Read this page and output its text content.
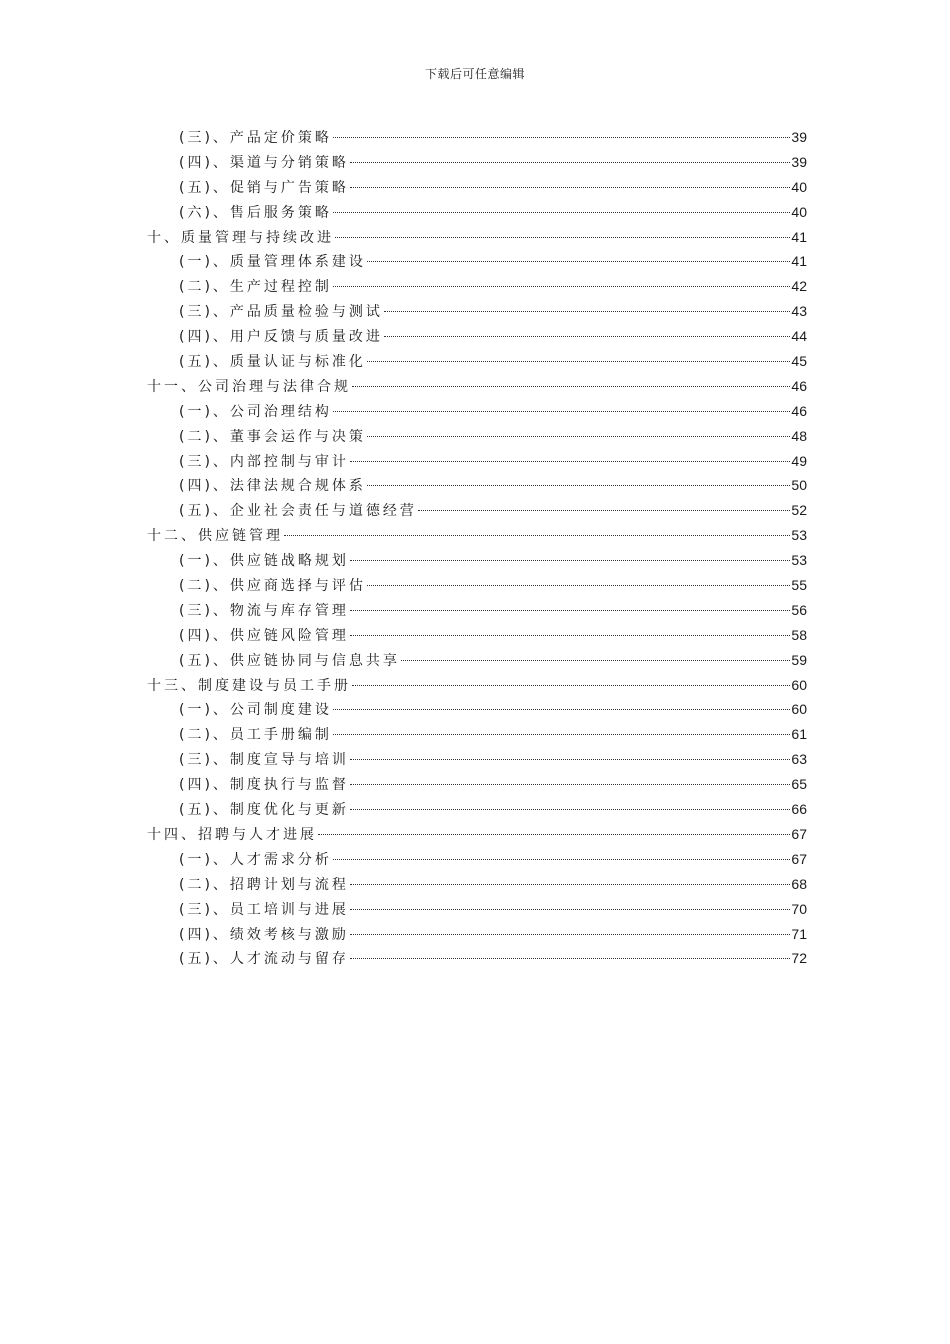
下载后可任意编辑
(三)、产品定价策略	39
(四)、渠道与分销策略	39
(五)、促销与广告策略	40
(六)、售后服务策略	40
十、质量管理与持续改进	41
(一)、质量管理体系建设	41
(二)、生产过程控制	42
(三)、产品质量检验与测试	43
(四)、用户反馈与质量改进	44
(五)、质量认证与标准化	45
十一、公司治理与法律合规	46
(一)、公司治理结构	46
(二)、董事会运作与决策	48
(三)、内部控制与审计	49
(四)、法律法规合规体系	50
(五)、企业社会责任与道德经营	52
十二、供应链管理	53
(一)、供应链战略规划	53
(二)、供应商选择与评估	55
(三)、物流与库存管理	56
(四)、供应链风险管理	58
(五)、供应链协同与信息共享	59
十三、制度建设与员工手册	60
(一)、公司制度建设	60
(二)、员工手册编制	61
(三)、制度宣导与培训	63
(四)、制度执行与监督	65
(五)、制度优化与更新	66
十四、招聘与人才进展	67
(一)、人才需求分析	67
(二)、招聘计划与流程	68
(三)、员工培训与进展	70
(四)、绩效考核与激励	71
(五)、人才流动与留存	72
